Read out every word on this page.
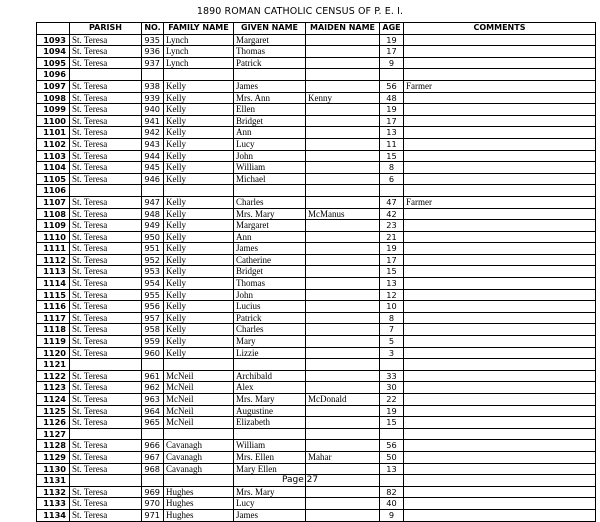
1890 ROMAN CATHOLIC CENSUS OF P. E. I.
	PARISH	NO.	FAMILY NAME	GIVEN NAME	MAIDEN NAME	AGE	COMMENTS
1093	St. Teresa	935	Lynch	Margaret		19	
1094	St. Teresa	936	Lynch	Thomas		17	
1095	St. Teresa	937	Lynch	Patrick		9	
1096							
1097	St. Teresa	938	Kelly	James		56	Farmer
1098	St. Teresa	939	Kelly	Mrs. Ann	Kenny	48	
1099	St. Teresa	940	Kelly	Ellen		19	
1100	St. Teresa	941	Kelly	Bridget		17	
1101	St. Teresa	942	Kelly	Ann		13	
1102	St. Teresa	943	Kelly	Lucy		11	
1103	St. Teresa	944	Kelly	John		15	
1104	St. Teresa	945	Kelly	William		8	
1105	St. Teresa	946	Kelly	Michael		6	
1106							
1107	St. Teresa	947	Kelly	Charles		47	Farmer
1108	St. Teresa	948	Kelly	Mrs. Mary	McManus	42	
1109	St. Teresa	949	Kelly	Margaret		23	
1110	St. Teresa	950	Kelly	Ann		21	
1111	St. Teresa	951	Kelly	James		19	
1112	St. Teresa	952	Kelly	Catherine		17	
1113	St. Teresa	953	Kelly	Bridget		15	
1114	St. Teresa	954	Kelly	Thomas		13	
1115	St. Teresa	955	Kelly	John		12	
1116	St. Teresa	956	Kelly	Lucius		10	
1117	St. Teresa	957	Kelly	Patrick		8	
1118	St. Teresa	958	Kelly	Charles		7	
1119	St. Teresa	959	Kelly	Mary		5	
1120	St. Teresa	960	Kelly	Lizzie		3	
1121							
1122	St. Teresa	961	McNeil	Archibald		33	
1123	St. Teresa	962	McNeil	Alex		30	
1124	St. Teresa	963	McNeil	Mrs. Mary	McDonald	22	
1125	St. Teresa	964	McNeil	Augustine		19	
1126	St. Teresa	965	McNeil	Elizabeth		15	
1127							
1128	St. Teresa	966	Cavanagh	William		56	
1129	St. Teresa	967	Cavanagh	Mrs. Ellen	Mahar	50	
1130	St. Teresa	968	Cavanagh	Mary Ellen		13	
1131							
1132	St. Teresa	969	Hughes	Mrs. Mary		82	
1133	St. Teresa	970	Hughes	Lucy		40	
1134	St. Teresa	971	Hughes	James		9	
Page 27
